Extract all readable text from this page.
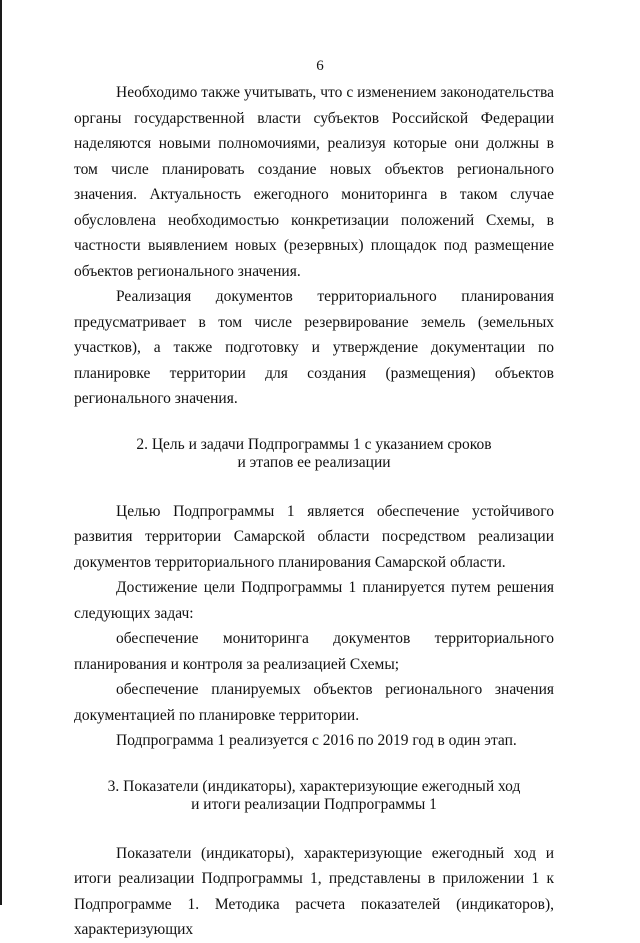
6

Необходимо также учитывать, что с изменением законодательства органы государственной власти субъектов Российской Федерации наделяются новыми полномочиями, реализуя которые они должны в том числе планировать создание новых объектов регионального значения. Актуальность ежегодного мониторинга в таком случае обусловлена необходимостью конкретизации положений Схемы, в частности выявлением новых (резервных) площадок под размещение объектов регионального значения.

Реализация документов территориального планирования предусматривает в том числе резервирование земель (земельных участков), а также подготовку и утверждение документации по планировке территории для создания (размещения) объектов регионального значения.

2. Цель и задачи Подпрограммы 1 с указанием сроков
и этапов ее реализации

Целью Подпрограммы 1 является обеспечение устойчивого развития территории Самарской области посредством реализации документов территориального планирования Самарской области.

Достижение цели Подпрограммы 1 планируется путем решения следующих задач:

обеспечение мониторинга документов территориального планирования и контроля за реализацией Схемы;

обеспечение планируемых объектов регионального значения документацией по планировке территории.

Подпрограмма 1 реализуется с 2016 по 2019 год в один этап.

3. Показатели (индикаторы), характеризующие ежегодный ход
и итоги реализации Подпрограммы 1

Показатели (индикаторы), характеризующие ежегодный ход и итоги реализации Подпрограммы 1, представлены в приложении 1 к Подпрограмме 1. Методика расчета показателей (индикаторов), характеризующих
